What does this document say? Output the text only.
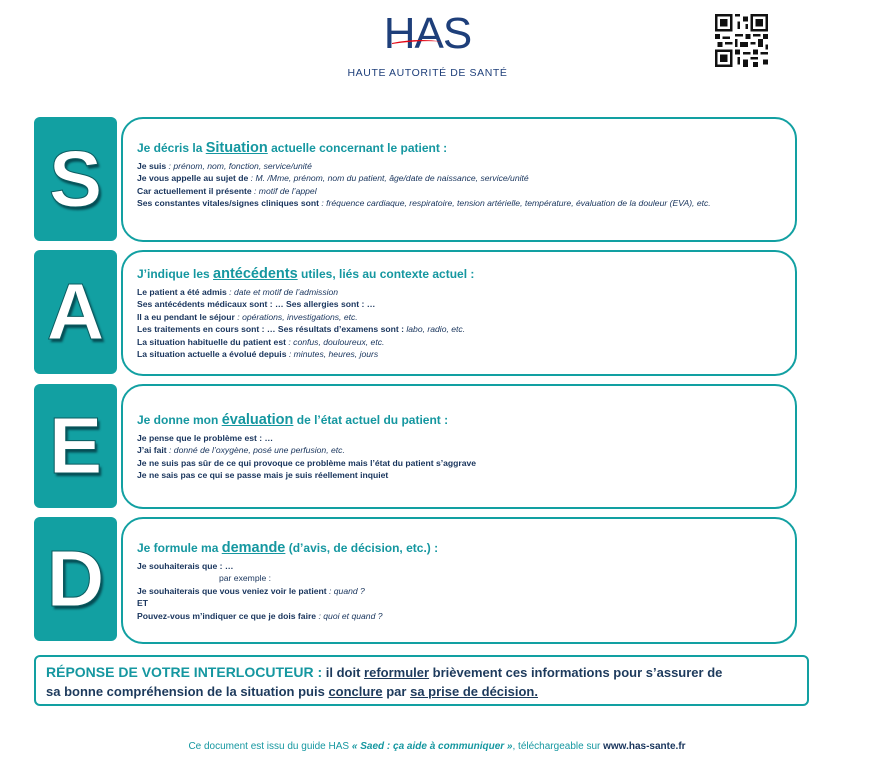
HAS
HAUTE AUTORITÉ DE SANTÉ
S	Je décris la Situation actuelle concernant le patient :
Je suis : prénom, nom, fonction, service/unité
Je vous appelle au sujet de : M. /Mme, prénom, nom du patient, âge/date de naissance, service/unité
Car actuellement il présente : motif de l’appel
Ses constantes vitales/signes cliniques sont : fréquence cardiaque, respiratoire, tension artérielle, température, évaluation de la douleur (EVA), etc.
A	J’indique les antécédents utiles, liés au contexte actuel :
Le patient a été admis : date et motif de l’admission
Ses antécédents médicaux sont : … Ses allergies sont : …
Il a eu pendant le séjour : opérations, investigations, etc.
Les traitements en cours sont : … Ses résultats d’examens sont : labo, radio, etc.
La situation habituelle du patient est : confus, douloureux, etc.
La situation actuelle a évolué depuis : minutes, heures, jours
E	Je donne mon évaluation de l’état actuel du patient :
Je pense que le problème est : …
J’ai fait : donné de l’oxygène, posé une perfusion, etc.
Je ne suis pas sûr de ce qui provoque ce problème mais l’état du patient s’aggrave
Je ne sais pas ce qui se passe mais je suis réellement inquiet
D	Je formule ma demande (d’avis, de décision, etc.) :
Je souhaiterais que : …
par exemple :
Je souhaiterais que vous veniez voir le patient : quand ?
ET
Pouvez-vous m’indiquer ce que je dois faire : quoi et quand ?
RÉPONSE DE VOTRE INTERLOCUTEUR : il doit reformuler brièvement ces informations pour s’assurer de
sa bonne compréhension de la situation puis conclure par sa prise de décision.
Ce document est issu du guide HAS « Saed : ça aide à communiquer », téléchargeable sur www.has-sante.fr
